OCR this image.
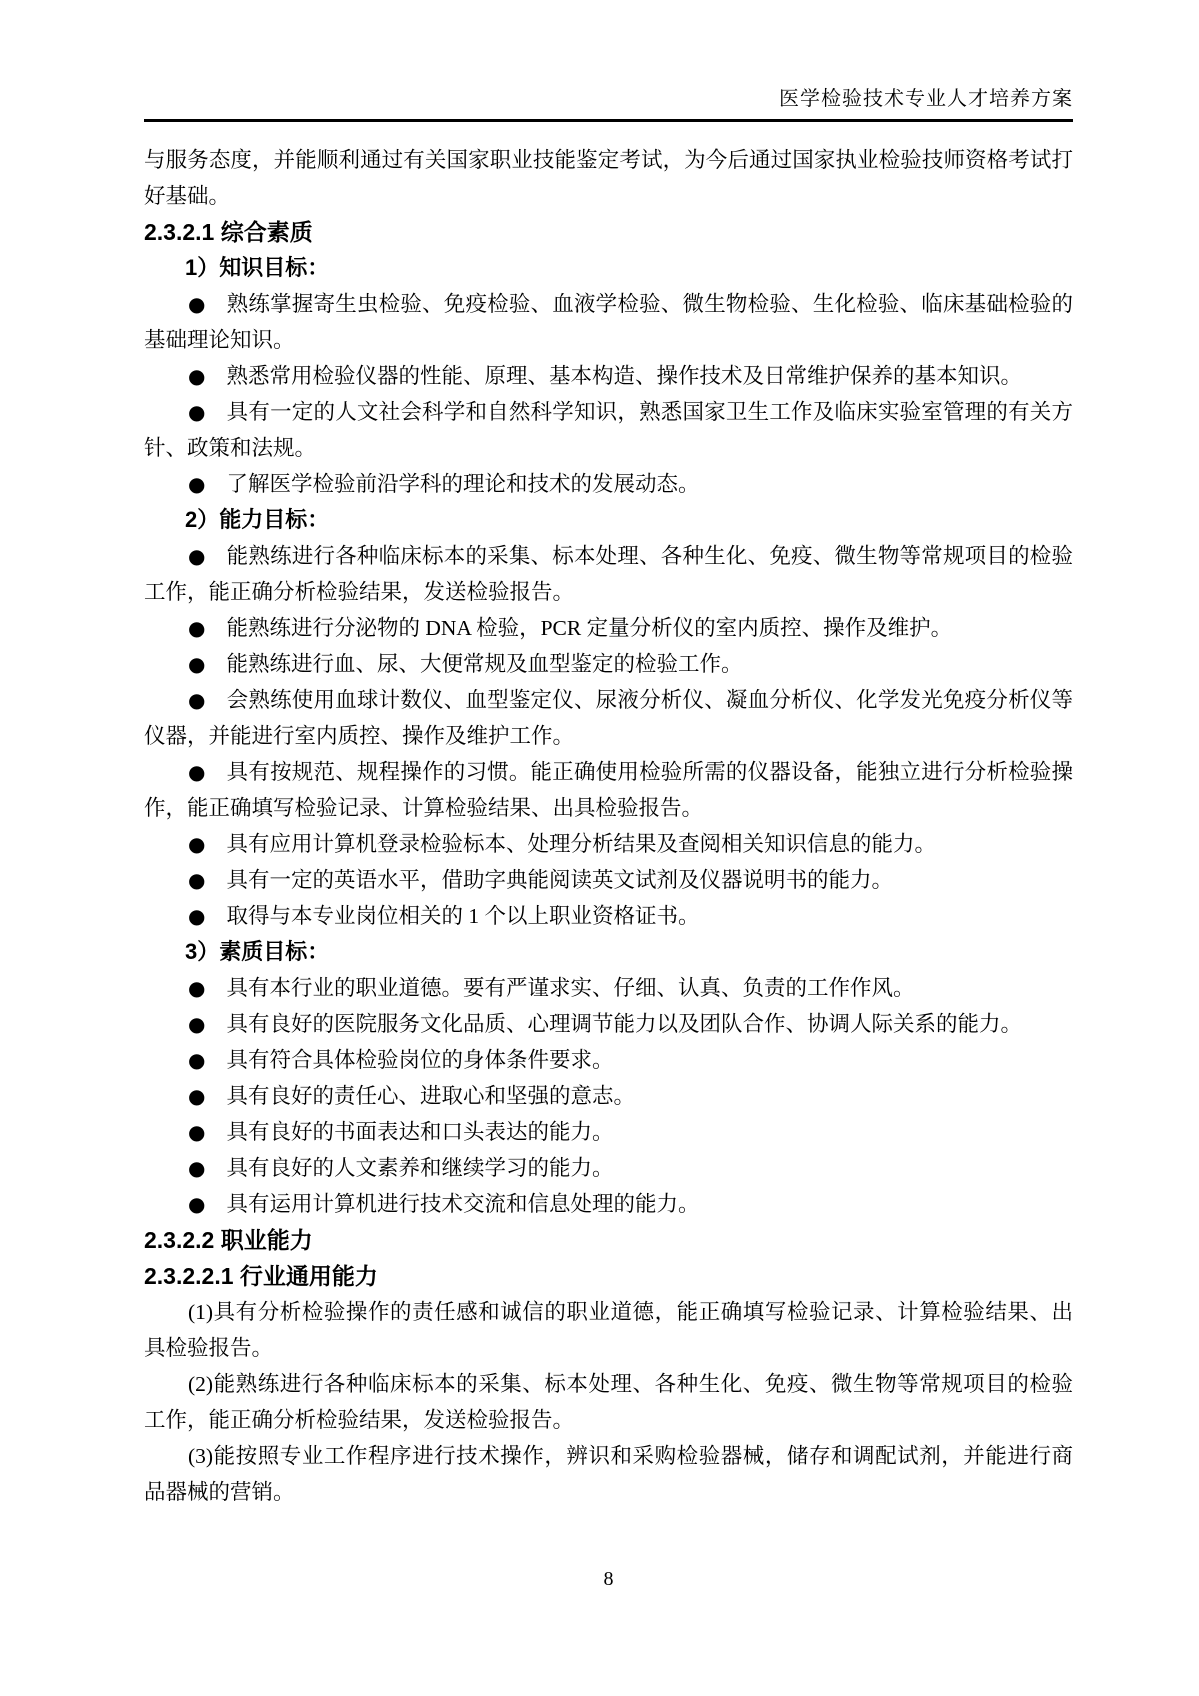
医学检验技术专业人才培养方案

与服务态度，并能顺利通过有关国家职业技能鉴定考试，为今后通过国家执业检验技师资格考试打好基础。

2.3.2.1 综合素质

1）知识目标：

● 熟练掌握寄生虫检验、免疫检验、血液学检验、微生物检验、生化检验、临床基础检验的基础理论知识。

● 熟悉常用检验仪器的性能、原理、基本构造、操作技术及日常维护保养的基本知识。

● 具有一定的人文社会科学和自然科学知识，熟悉国家卫生工作及临床实验室管理的有关方针、政策和法规。

● 了解医学检验前沿学科的理论和技术的发展动态。

2）能力目标：

● 能熟练进行各种临床标本的采集、标本处理、各种生化、免疫、微生物等常规项目的检验工作，能正确分析检验结果，发送检验报告。

● 能熟练进行分泌物的 DNA 检验，PCR 定量分析仪的室内质控、操作及维护。

● 能熟练进行血、尿、大便常规及血型鉴定的检验工作。

● 会熟练使用血球计数仪、血型鉴定仪、尿液分析仪、凝血分析仪、化学发光免疫分析仪等仪器，并能进行室内质控、操作及维护工作。

● 具有按规范、规程操作的习惯。能正确使用检验所需的仪器设备，能独立进行分析检验操作，能正确填写检验记录、计算检验结果、出具检验报告。

● 具有应用计算机登录检验标本、处理分析结果及查阅相关知识信息的能力。

● 具有一定的英语水平，借助字典能阅读英文试剂及仪器说明书的能力。

● 取得与本专业岗位相关的 1 个以上职业资格证书。

3）素质目标：

● 具有本行业的职业道德。要有严谨求实、仔细、认真、负责的工作作风。

● 具有良好的医院服务文化品质、心理调节能力以及团队合作、协调人际关系的能力。

● 具有符合具体检验岗位的身体条件要求。

● 具有良好的责任心、进取心和坚强的意志。

● 具有良好的书面表达和口头表达的能力。

● 具有良好的人文素养和继续学习的能力。

● 具有运用计算机进行技术交流和信息处理的能力。

2.3.2.2 职业能力

2.3.2.2.1 行业通用能力

(1)具有分析检验操作的责任感和诚信的职业道德，能正确填写检验记录、计算检验结果、出具检验报告。

(2)能熟练进行各种临床标本的采集、标本处理、各种生化、免疫、微生物等常规项目的检验工作，能正确分析检验结果，发送检验报告。

(3)能按照专业工作程序进行技术操作，辨识和采购检验器械，储存和调配试剂，并能进行商品器械的营销。

8
